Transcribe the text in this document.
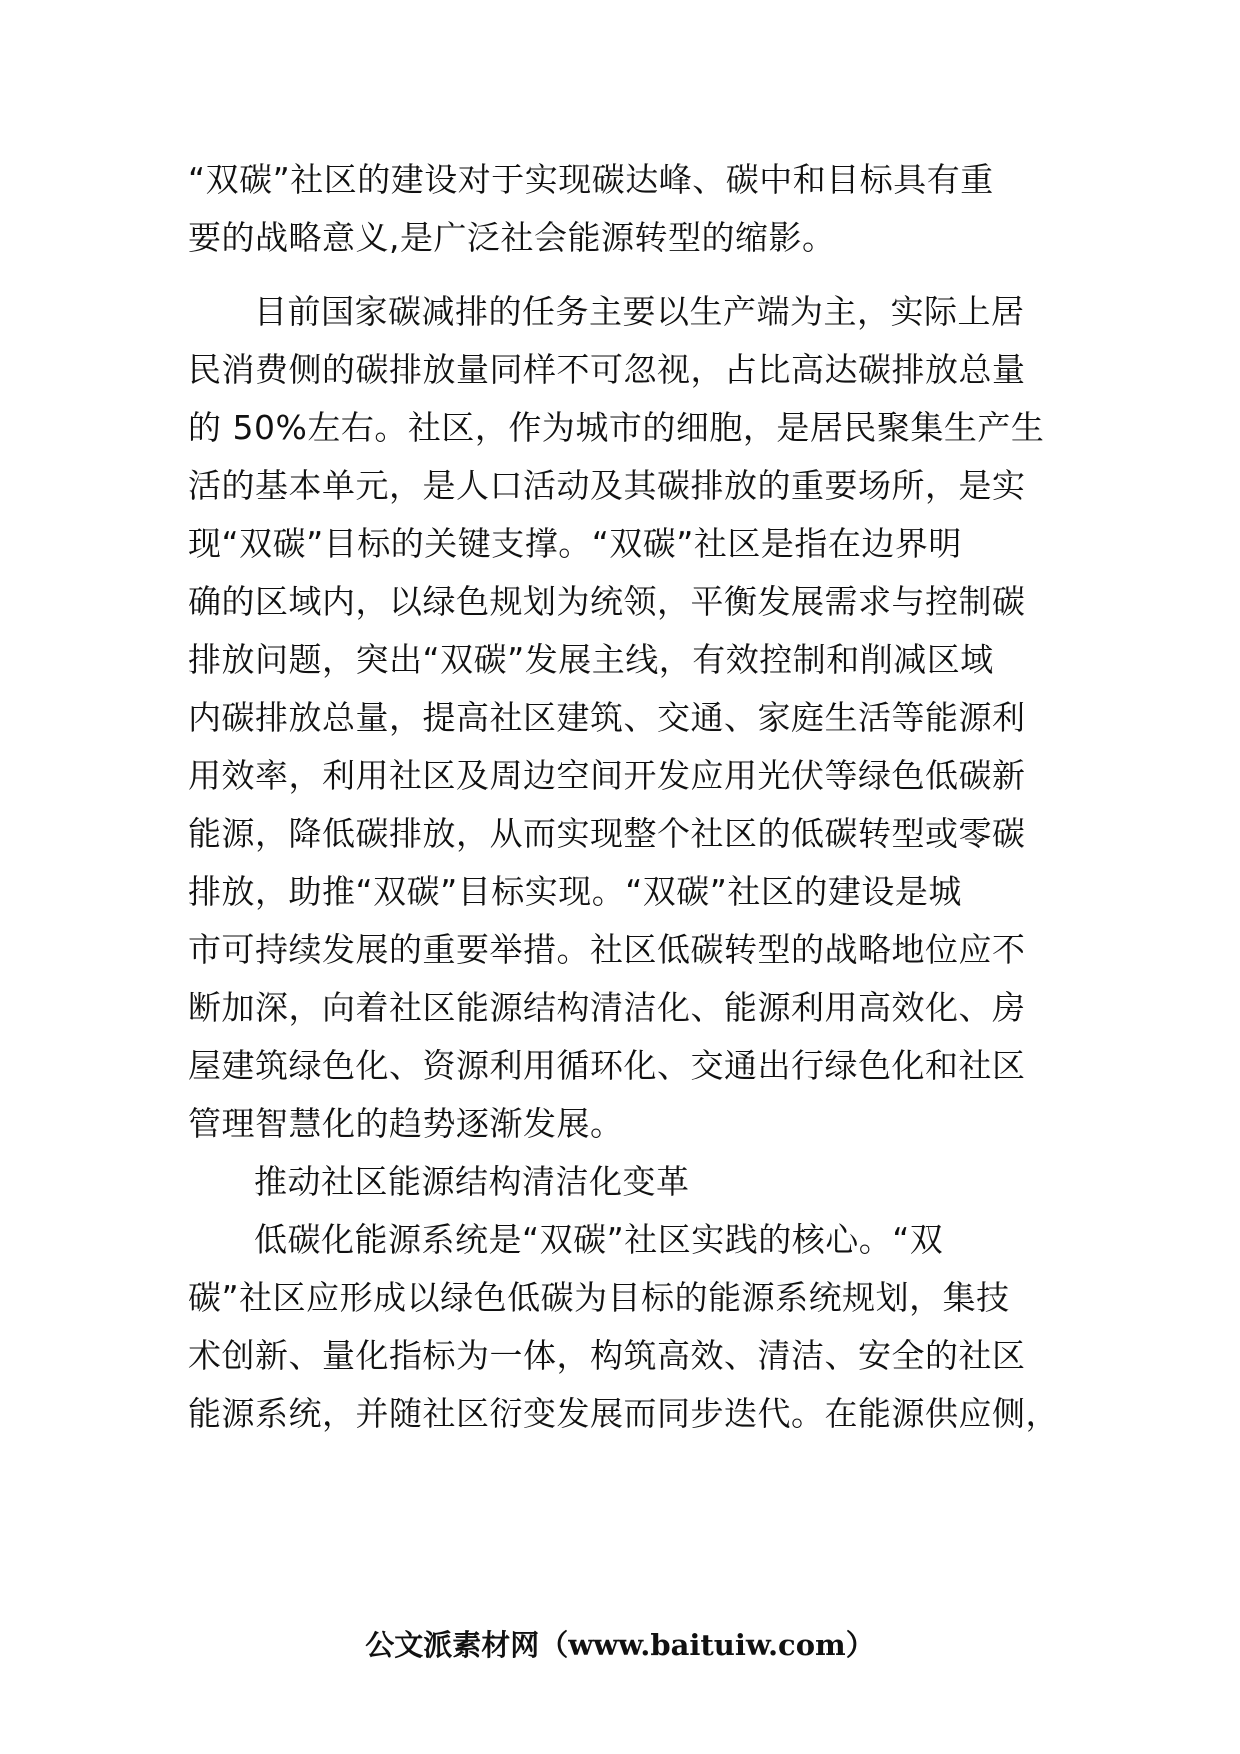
“双碳”社区的建设对于实现碳达峰、碳中和目标具有重
要的战略意义,是广泛社会能源转型的缩影。
目前国家碳减排的任务主要以生产端为主，实际上居
民消费侧的碳排放量同样不可忽视，占比高达碳排放总量
的 50%左右。社区，作为城市的细胞，是居民聚集生产生
活的基本单元，是人口活动及其碳排放的重要场所，是实
现“双碳”目标的关键支撑。“双碳”社区是指在边界明
确的区域内，以绿色规划为统领，平衡发展需求与控制碳
排放问题，突出“双碳”发展主线，有效控制和削减区域
内碳排放总量，提高社区建筑、交通、家庭生活等能源利
用效率，利用社区及周边空间开发应用光伏等绿色低碳新
能源，降低碳排放，从而实现整个社区的低碳转型或零碳
排放，助推“双碳”目标实现。“双碳”社区的建设是城
市可持续发展的重要举措。社区低碳转型的战略地位应不
断加深，向着社区能源结构清洁化、能源利用高效化、房
屋建筑绿色化、资源利用循环化、交通出行绿色化和社区
管理智慧化的趋势逐渐发展。
推动社区能源结构清洁化变革
低碳化能源系统是“双碳”社区实践的核心。“双
碳”社区应形成以绿色低碳为目标的能源系统规划，集技
术创新、量化指标为一体，构筑高效、清洁、安全的社区
能源系统，并随社区衍变发展而同步迭代。在能源供应侧，
公文派素材网（www.baituiw.com）
